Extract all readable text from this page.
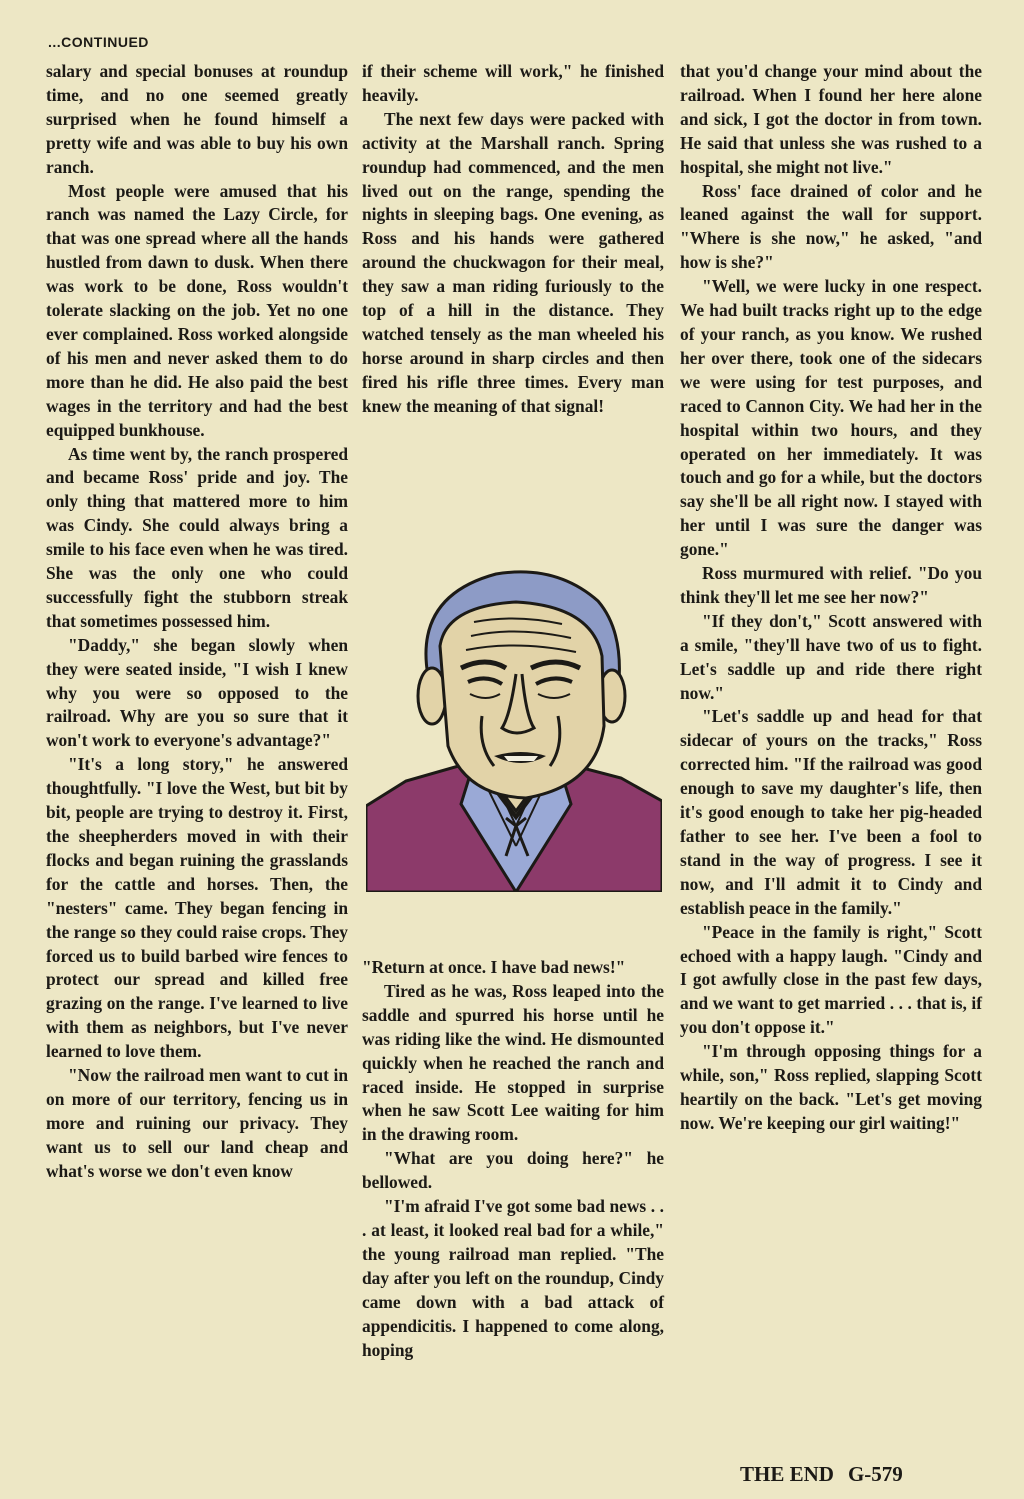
...CONTINUED

salary and special bonuses at roundup time, and no one seemed greatly surprised when he found himself a pretty wife and was able to buy his own ranch.

Most people were amused that his ranch was named the Lazy Circle, for that was one spread where all the hands hustled from dawn to dusk. When there was work to be done, Ross wouldn't tolerate slacking on the job. Yet no one ever complained. Ross worked alongside of his men and never asked them to do more than he did. He also paid the best wages in the territory and had the best equipped bunkhouse.

As time went by, the ranch prospered and became Ross' pride and joy. The only thing that mattered more to him was Cindy. She could always bring a smile to his face even when he was tired. She was the only one who could successfully fight the stubborn streak that sometimes possessed him.

"Daddy," she began slowly when they were seated inside, "I wish I knew why you were so opposed to the railroad. Why are you so sure that it won't work to everyone's advantage?"

"It's a long story," he answered thoughtfully. "I love the West, but bit by bit, people are trying to destroy it. First, the sheepherders moved in with their flocks and began ruining the grasslands for the cattle and horses. Then, the "nesters" came. They began fencing in the range so they could raise crops. They forced us to build barbed wire fences to protect our spread and killed free grazing on the range. I've learned to live with them as neighbors, but I've never learned to love them.

"Now the railroad men want to cut in on more of our territory, fencing us in more and ruining our privacy. They want us to sell our land cheap and what's worse we don't even know

if their scheme will work," he finished heavily.

The next few days were packed with activity at the Marshall ranch. Spring roundup had commenced, and the men lived out on the range, spending the nights in sleeping bags. One evening, as Ross and his hands were gathered around the chuckwagon for their meal, they saw a man riding furiously to the top of a hill in the distance. They watched tensely as the man wheeled his horse around in sharp circles and then fired his rifle three times. Every man knew the meaning of that signal!

"Return at once. I have bad news!"

Tired as he was, Ross leaped into the saddle and spurred his horse until he was riding like the wind. He dismounted quickly when he reached the ranch and raced inside. He stopped in surprise when he saw Scott Lee waiting for him in the drawing room.

"What are you doing here?" he bellowed.

"I'm afraid I've got some bad news . . . at least, it looked real bad for a while," the young railroad man replied. "The day after you left on the roundup, Cindy came down with a bad attack of appendicitis. I happened to come along, hoping

that you'd change your mind about the railroad. When I found her here alone and sick, I got the doctor in from town. He said that unless she was rushed to a hospital, she might not live."

Ross' face drained of color and he leaned against the wall for support. "Where is she now," he asked, "and how is she?"

"Well, we were lucky in one respect. We had built tracks right up to the edge of your ranch, as you know. We rushed her over there, took one of the sidecars we were using for test purposes, and raced to Cannon City. We had her in the hospital within two hours, and they operated on her immediately. It was touch and go for a while, but the doctors say she'll be all right now. I stayed with her until I was sure the danger was gone."

Ross murmured with relief. "Do you think they'll let me see her now?"

"If they don't," Scott answered with a smile, "they'll have two of us to fight. Let's saddle up and ride there right now."

"Let's saddle up and head for that sidecar of yours on the tracks," Ross corrected him. "If the railroad was good enough to save my daughter's life, then it's good enough to take her pig-headed father to see her. I've been a fool to stand in the way of progress. I see it now, and I'll admit it to Cindy and establish peace in the family."

"Peace in the family is right," Scott echoed with a happy laugh. "Cindy and I got awfully close in the past few days, and we want to get married . . . that is, if you don't oppose it."

"I'm through opposing things for a while, son," Ross replied, slapping Scott heartily on the back. "Let's get moving now. We're keeping our girl waiting!"

THE END G-579
